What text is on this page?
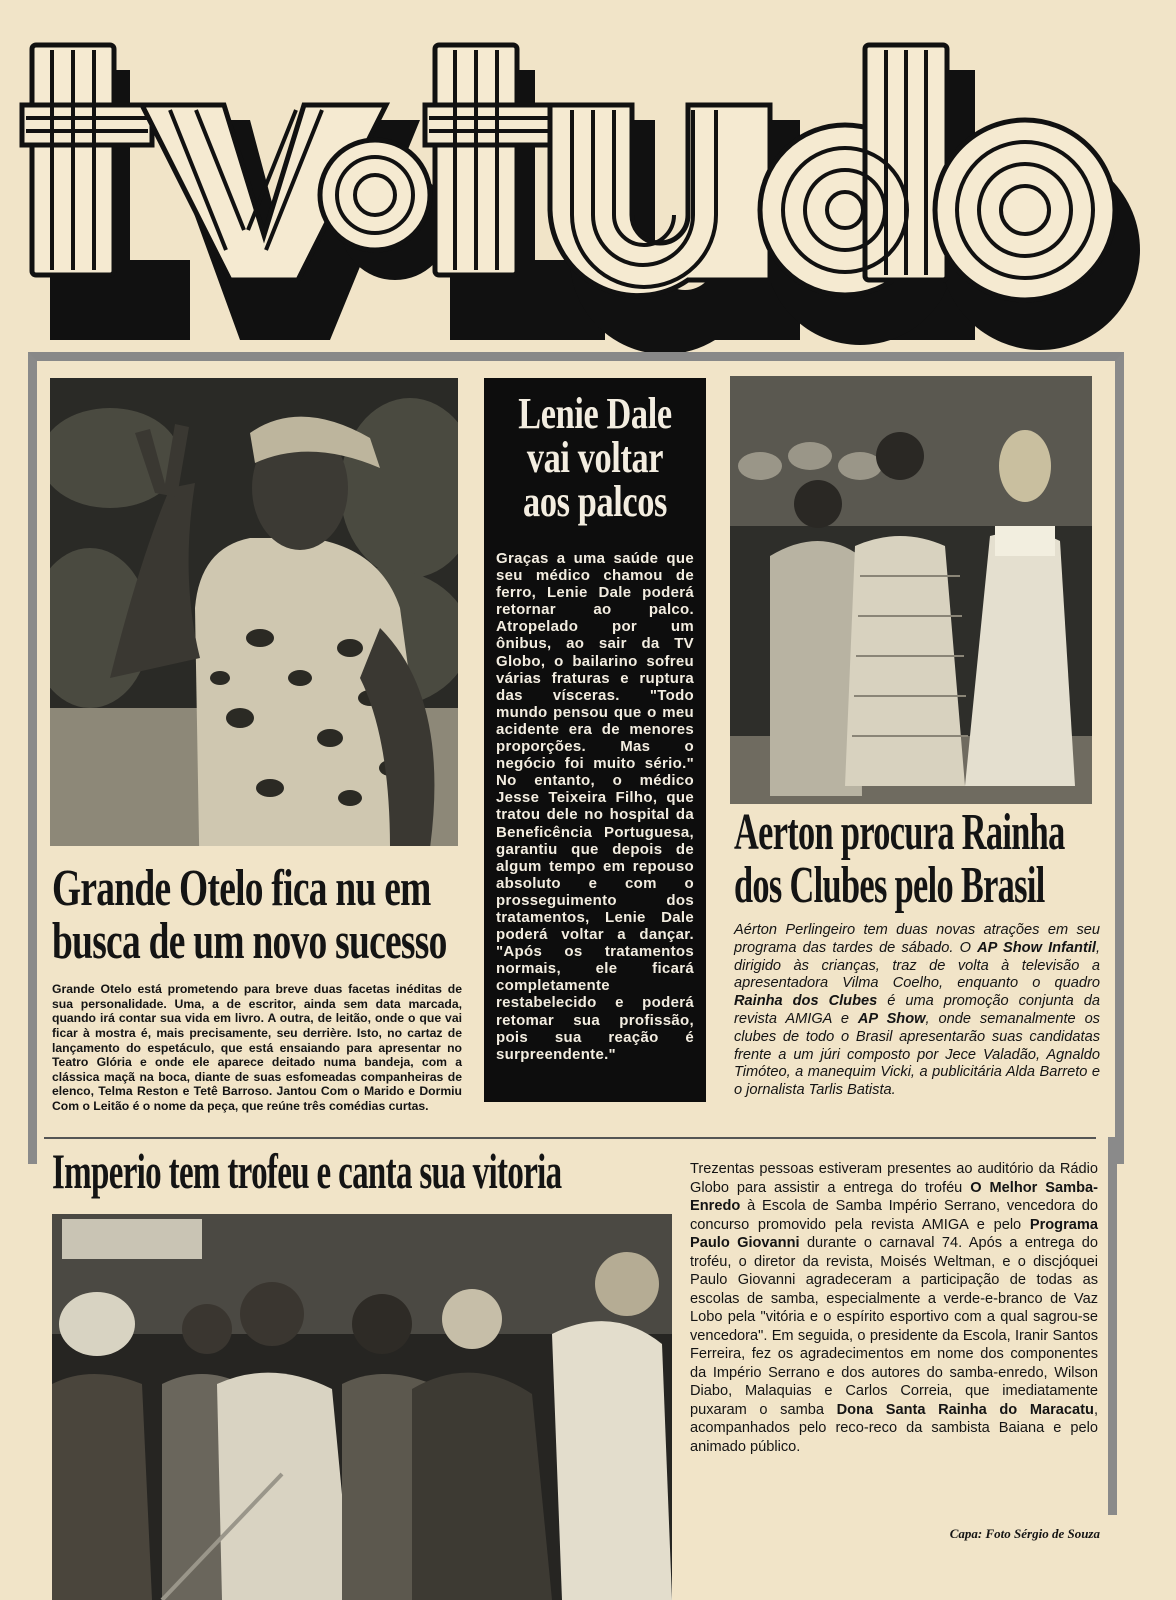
Grande Otelo fica nu em busca de um novo sucesso
Aerton procura Rainha dos Clubes pelo Brasil
Imperio tem trofeu e canta sua vitoria
Lenie Dale vai voltar aos palcos

Graças a uma saúde que seu médico chamou de ferro, Lenie Dale poderá retornar ao palco. Atropelado por um ônibus, ao sair da TV Globo, o bailarino sofreu várias fraturas e ruptura das vísceras. "Todo mundo pensou que o meu acidente era de menores proporções. Mas o negócio foi muito sério." No entanto, o médico Jesse Teixeira Filho, que tratou dele no hospital da Beneficência Portuguesa, garantiu que depois de algum tempo em repouso absoluto e com o prosseguimento dos tratamentos, Lenie Dale poderá voltar a dançar. "Após os tratamentos normais, ele ficará completamente restabelecido e poderá retomar sua profissão, pois sua reação é surpreendente."

Grande Otelo está prometendo para breve duas facetas inéditas de sua personalidade. Uma, a de escritor, ainda sem data marcada, quando irá contar sua vida em livro. A outra, de leitão, onde o que vai ficar à mostra é, mais precisamente, seu derrière. Isto, no cartaz de lançamento do espetáculo, que está ensaiando para apresentar no Teatro Glória e onde ele aparece deitado numa bandeja, com a clássica maçã na boca, diante de suas esfomeadas companheiras de elenco, Telma Reston e Tetê Barroso. Jantou Com o Marido e Dormiu Com o Leitão é o nome da peça, que reúne três comédias curtas.

Aérton Perlingeiro tem duas novas atrações em seu programa das tardes de sábado. O AP Show Infantil, dirigido às crianças, traz de volta à televisão a apresentadora Vilma Coelho, enquanto o quadro Rainha dos Clubes é uma promoção conjunta da revista AMIGA e AP Show, onde semanalmente os clubes de todo o Brasil apresentarão suas candidatas frente a um júri composto por Jece Valadão, Agnaldo Timóteo, a manequim Vicki, a publicitária Alda Barreto e o jornalista Tarlis Batista.

Trezentas pessoas estiveram presentes ao auditório da Rádio Globo para assistir a entrega do troféu O Melhor Samba-Enredo à Escola de Samba Império Serrano, vencedora do concurso promovido pela revista AMIGA e pelo Programa Paulo Giovanni durante o carnaval 74. Após a entrega do troféu, o diretor da revista, Moisés Weltman, e o discjóquei Paulo Giovanni agradeceram a participação de todas as escolas de samba, especialmente a verde-e-branco de Vaz Lobo pela "vitória e o espírito esportivo com a qual sagrou-se vencedora". Em seguida, o presidente da Escola, Iranir Santos Ferreira, fez os agradecimentos em nome dos componentes da Império Serrano e dos autores do samba-enredo, Wilson Diabo, Malaquias e Carlos Correia, que imediatamente puxaram o samba Dona Santa Rainha do Maracatu, acompanhados pelo reco-reco da sambista Baiana e pelo animado público.

Capa: Foto Sérgio de Souza
